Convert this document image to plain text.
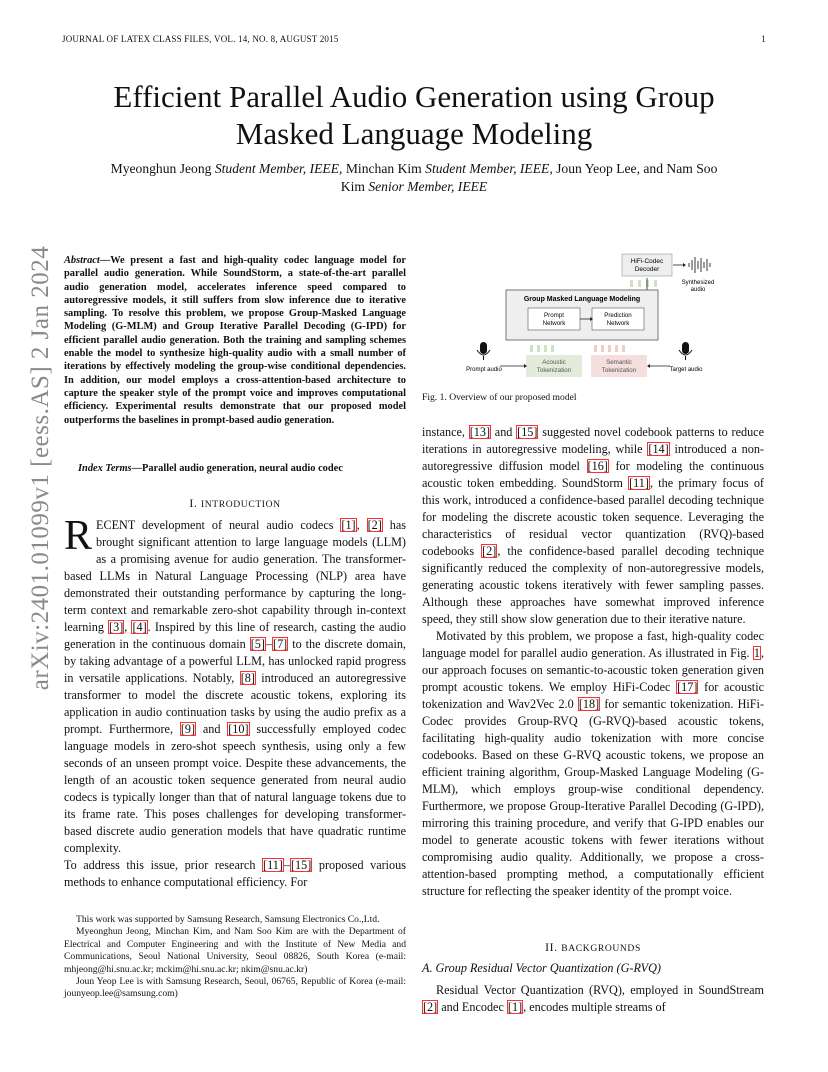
JOURNAL OF LATEX CLASS FILES, VOL. 14, NO. 8, AUGUST 2015	1
Efficient Parallel Audio Generation using Group
Masked Language Modeling
Myeonghun Jeong Student Member, IEEE, Minchan Kim Student Member, IEEE, Joun Yeop Lee, and Nam Soo
Kim Senior Member, IEEE
arXiv:2401.01099v1 [eess.AS] 2 Jan 2024 Abstract—We present a fast and high-quality codec language model for parallel audio generation. While SoundStorm, a state-of-the-art parallel audio generation model, accelerates inference speed compared to autoregressive models, it still suffers from slow inference due to iterative sampling. To resolve this problem, we propose Group-Masked Language Modeling (G-MLM) and Group Iterative Parallel Decoding (G-IPD) for efficient parallel audio generation. Both the training and sampling schemes enable the model to synthesize high-quality audio with a small number of iterations by effectively modeling the group-wise conditional dependencies. In addition, our model employs a cross-attention-based architecture to capture the speaker style of the prompt voice and improves computational efficiency. Experimental results demonstrate that our proposed model outperforms the baselines in prompt-based audio generation.

Index Terms—Parallel audio generation, neural audio codec

I. INTRODUCTION

RECENT development of neural audio codecs [1], [2] has brought significant attention to large language models (LLM) as a promising avenue for audio generation. The transformer-based LLMs in Natural Language Processing (NLP) area have demonstrated their outstanding performance by capturing the long-term context and remarkable zero-shot capability through in-context learning [3], [4]. Inspired by this line of research, casting the audio generation in the continuous domain [5]–[7] to the discrete domain, by taking advantage of a powerful LLM, has unlocked rapid progress in versatile applications. Notably, [8] introduced an autoregressive transformer to model the discrete acoustic tokens, exploring its application in audio continuation tasks by using the audio prefix as a prompt. Furthermore, [9] and [10] successfully employed codec language models in zero-shot speech synthesis, using only a few seconds of an unseen prompt voice. Despite these advancements, the length of an acoustic token sequence generated from neural audio codecs is typically longer than that of natural language tokens due to its frame rate. This poses challenges for developing transformer-based discrete audio generation models that have quadratic runtime complexity.

To address this issue, prior research [11]–[15] proposed various methods to enhance computational efficiency. For

This work was supported by Samsung Research, Samsung Electronics Co.,Ltd.

Myeonghun Jeong, Minchan Kim, and Nam Soo Kim are with the Department of Electrical and Computer Engineering and with the Institute of New Media and Communications, Seoul National University, Seoul 08826, South Korea (e-mail: mhjeong@hi.snu.ac.kr; mckim@hi.snu.ac.kr; nkim@snu.ac.kr)

Joun Yeop Lee is with Samsung Research, Seoul, 06765, Republic of Korea (e-mail: jounyeop.lee@samsung.com)

HiFi-Codec
Decoder
Synthesized
audio
Group Masked Language Modeling
Prompt
Network
Prediction
Network
Acoustic
Tokenization
Semantic
Tokenization
Prompt audio	Target audio
Fig. 1. Overview of our proposed model

instance, [13] and [15] suggested novel codebook patterns to reduce iterations in autoregressive modeling, while [14] introduced a non-autoregressive diffusion model [16] for modeling the continuous acoustic token embedding. SoundStorm [11], the primary focus of this work, introduced a confidence-based parallel decoding technique for modeling the discrete acoustic token sequence. Leveraging the characteristics of residual vector quantization (RVQ)-based codebooks [2], the confidence-based parallel decoding technique significantly reduced the complexity of non-autoregressive models, generating acoustic tokens iteratively with fewer sampling passes. Although these approaches have somewhat improved inference speed, they still show slow generation due to their iterative nature.

Motivated by this problem, we propose a fast, high-quality codec language model for parallel audio generation. As illustrated in Fig. 1, our approach focuses on semantic-to-acoustic token generation given prompt acoustic tokens. We employ HiFi-Codec [17] for acoustic tokenization and Wav2Vec 2.0 [18] for semantic tokenization. HiFi-Codec provides Group-RVQ (G-RVQ)-based acoustic tokens, facilitating high-quality audio tokenization with more concise codebooks. Based on these G-RVQ acoustic tokens, we propose an efficient training algorithm, Group-Masked Language Modeling (G-MLM), which employs group-wise conditional dependency. Furthermore, we propose Group-Iterative Parallel Decoding (G-IPD), mirroring this training procedure, and verify that G-IPD enables our model to generate acoustic tokens with fewer iterations without compromising audio quality. Additionally, we propose a cross-attention-based prompting method, a computationally efficient structure for reflecting the speaker identity of the prompt voice.

II. BACKGROUNDS
A. Group Residual Vector Quantization (G-RVQ)

Residual Vector Quantization (RVQ), employed in SoundStream [2] and Encodec [1], encodes multiple streams of
